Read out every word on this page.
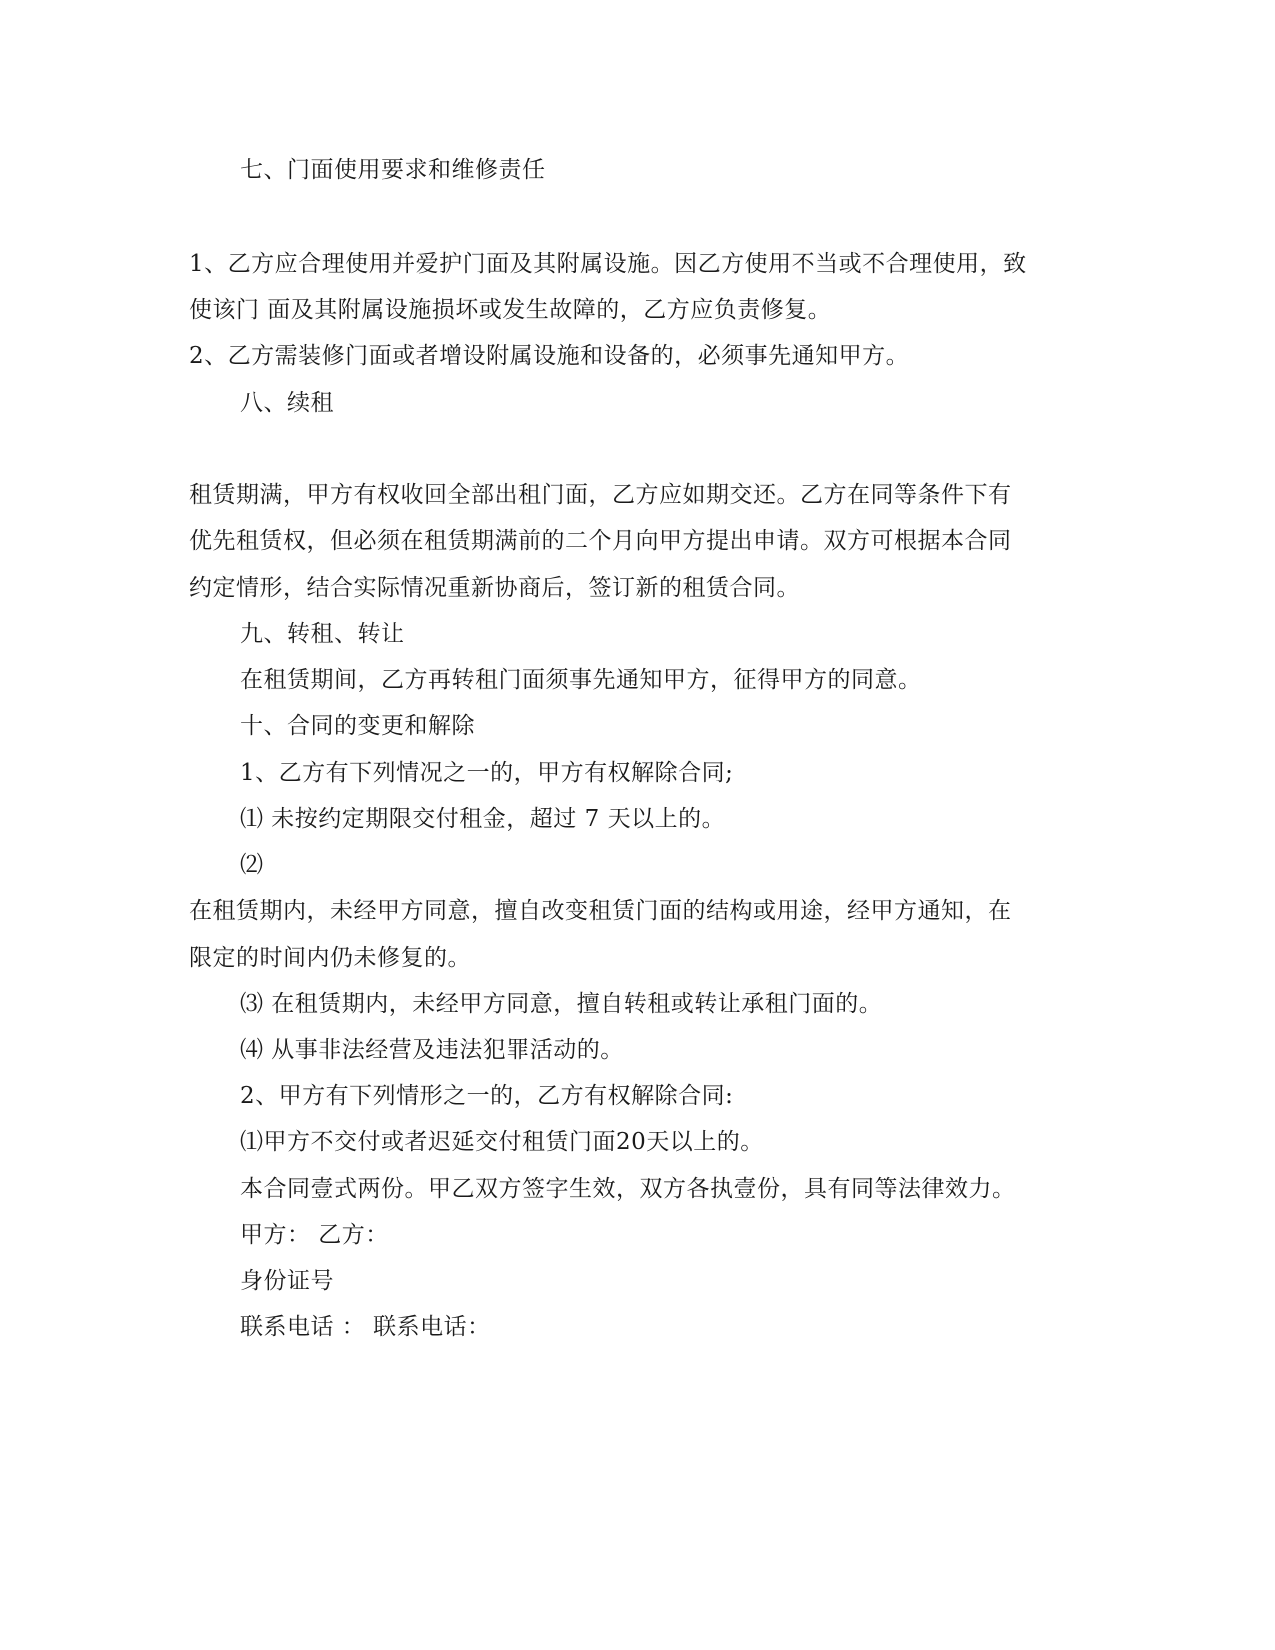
七、门面使用要求和维修责任

1、乙方应合理使用并爱护门面及其附属设施。因乙方使用不当或不合理使用，致

使该门 面及其附属设施损坏或发生故障的，乙方应负责修复。

2、乙方需装修门面或者增设附属设施和设备的，必须事先通知甲方。

八、续租

租赁期满，甲方有权收回全部出租门面，乙方应如期交还。乙方在同等条件下有

优先租赁权，但必须在租赁期满前的二个月向甲方提出申请。双方可根据本合同

约定情形，结合实际情况重新协商后，签订新的租赁合同。

九、转租、转让

在租赁期间，乙方再转租门面须事先通知甲方，征得甲方的同意。

十、合同的变更和解除

1、乙方有下列情况之一的，甲方有权解除合同;

⑴ 未按约定期限交付租金，超过 7 天以上的。

⑵

在租赁期内，未经甲方同意，擅自改变租赁门面的结构或用途，经甲方通知，在

限定的时间内仍未修复的。

⑶ 在租赁期内，未经甲方同意，擅自转租或转让承租门面的。

⑷ 从事非法经营及违法犯罪活动的。

2、甲方有下列情形之一的，乙方有权解除合同:

⑴甲方不交付或者迟延交付租赁门面20天以上的。

本合同壹式两份。甲乙双方签字生效，双方各执壹份，具有同等法律效力。

甲方： 乙方：

身份证号

联系电话 ： 联系电话：
